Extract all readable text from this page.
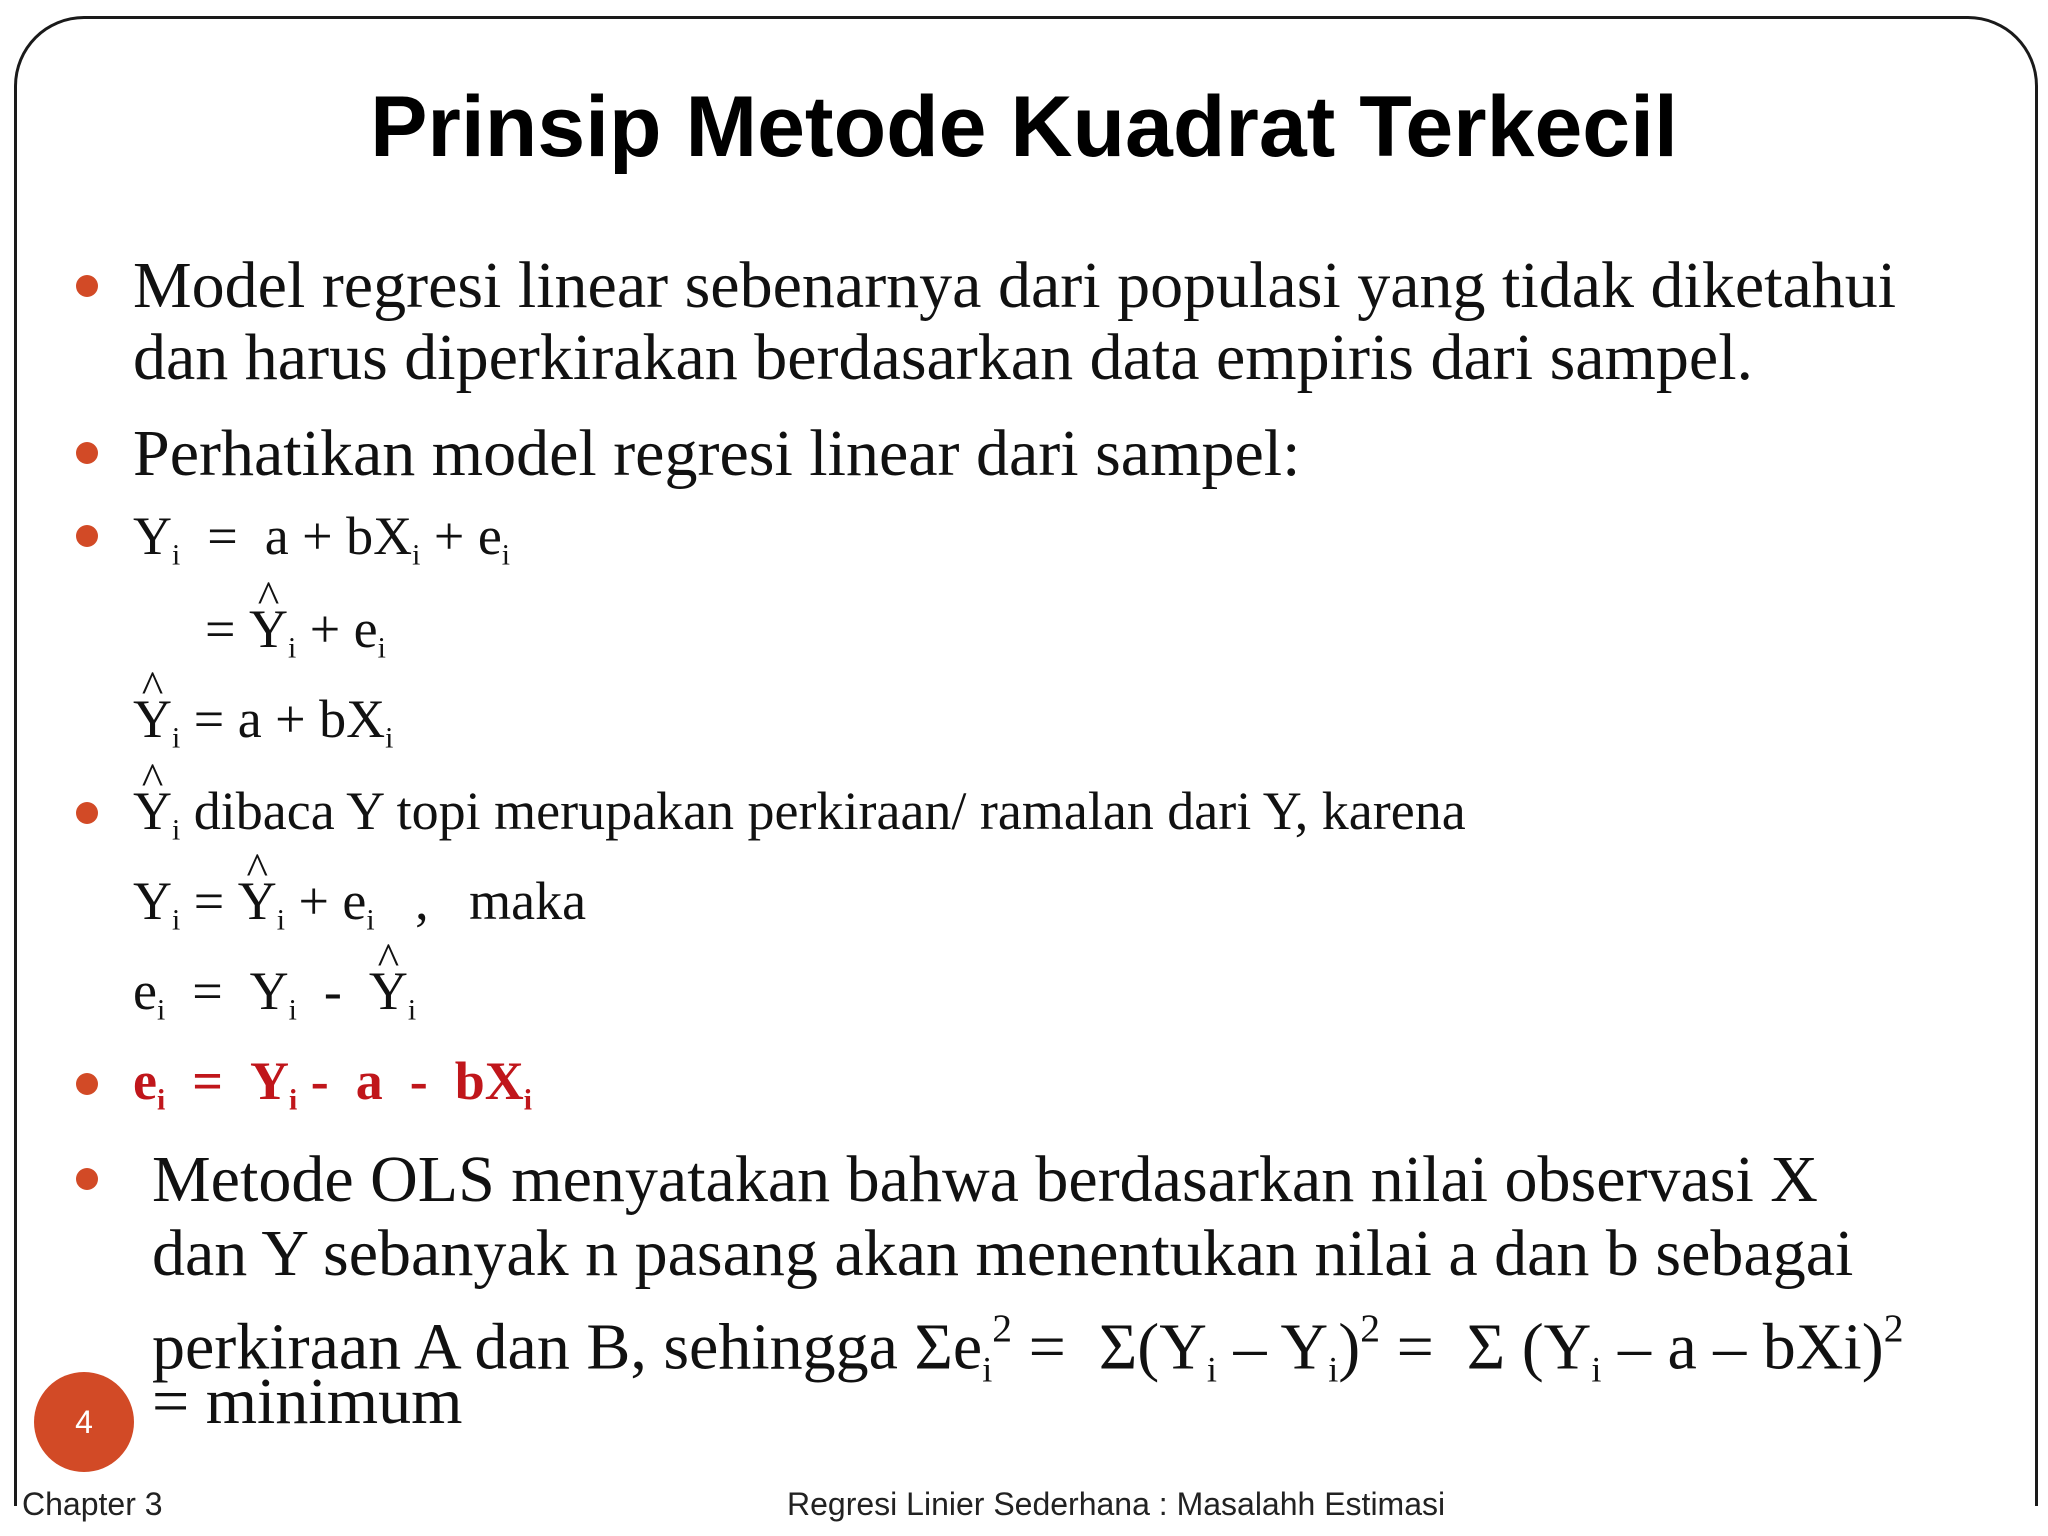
Prinsip Metode Kuadrat Terkecil
Model regresi linear sebenarnya dari populasi yang tidak diketahui
dan harus diperkirakan berdasarkan data empiris dari sampel.
Perhatikan model regresi linear dari sampel:
$Y_i = a + bX_i + e_i$
= ^ $Y_i + e_i$
^ $Y_i = a + bX_i$
^ $Y_i$ dibaca Y topi merupakan perkiraan/ ramalan dari Y, karena
$Y_i$ = ^ $Y_i + e_i$   ,   maka
$e_i = Y_i$  -  ^ $Y_i$
$e_i = Y_i - a - bX_i$
Metode OLS menyatakan bahwa berdasarkan nilai observasi X
dan Y sebanyak n pasang akan menentukan nilai a dan b sebagai
perkiraan A dan B, sehingga $\Sigma e_i^2 = \Sigma(Y_i - Y_i)^2 = \Sigma$ ($Y_i$ – a – bXi)$^2$
= minimum
4
Chapter 3	Regresi Linier Sederhana : Masalahh Estimasi
